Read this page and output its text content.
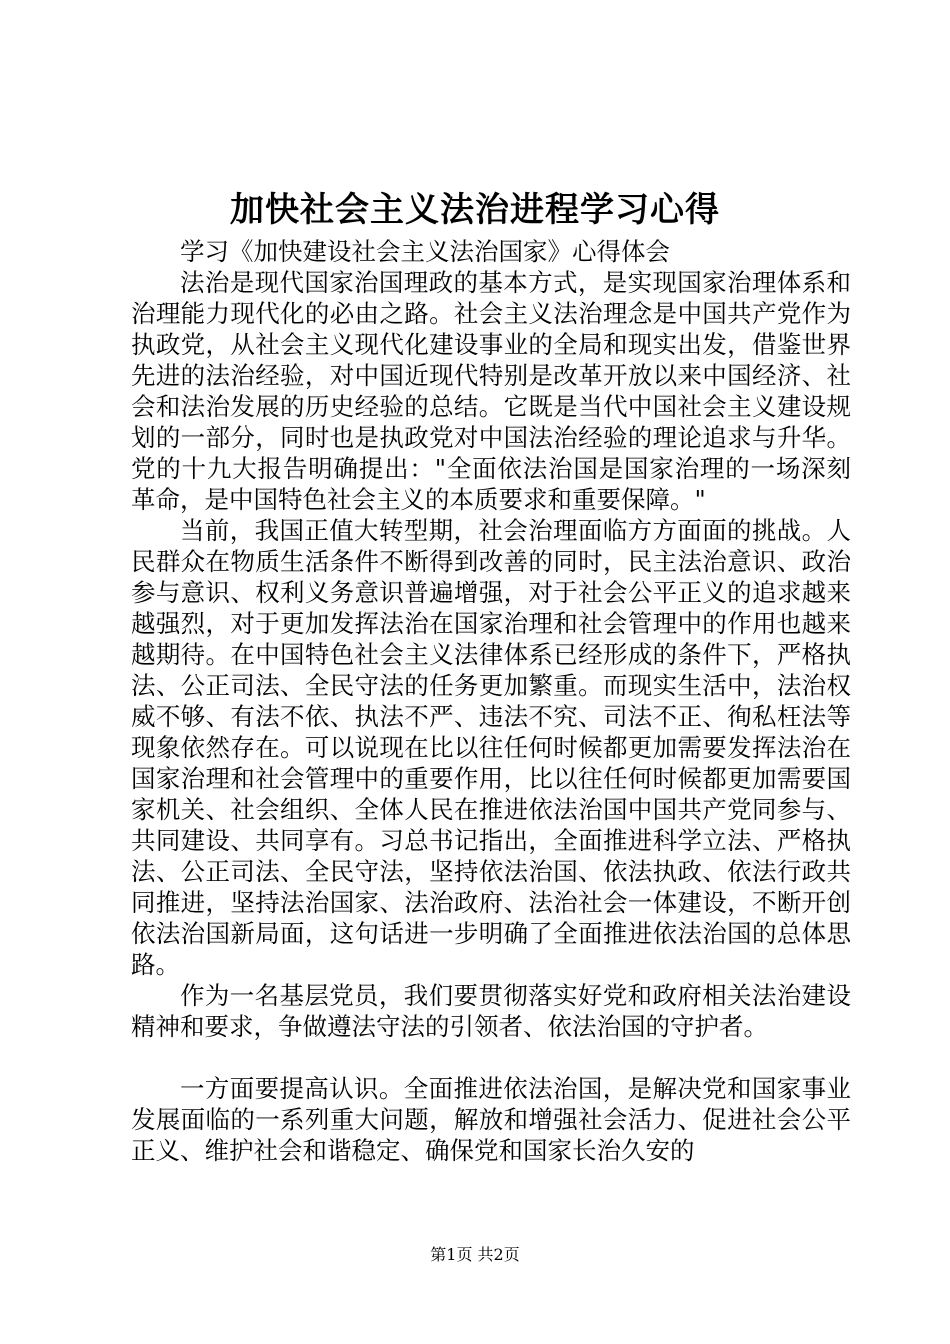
加快社会主义法治进程学习心得

学习《加快建设社会主义法治国家》心得体会

法治是现代国家治国理政的基本方式，是实现国家治理体系和治理能力现代化的必由之路。社会主义法治理念是中国共产党作为执政党，从社会主义现代化建设事业的全局和现实出发，借鉴世界先进的法治经验，对中国近现代特别是改革开放以来中国经济、社会和法治发展的历史经验的总结。它既是当代中国社会主义建设规划的一部分，同时也是执政党对中国法治经验的理论追求与升华。党的十九大报告明确提出："全面依法治国是国家治理的一场深刻革命，是中国特色社会主义的本质要求和重要保障。"

当前，我国正值大转型期，社会治理面临方方面面的挑战。人民群众在物质生活条件不断得到改善的同时，民主法治意识、政治参与意识、权利义务意识普遍增强，对于社会公平正义的追求越来越强烈，对于更加发挥法治在国家治理和社会管理中的作用也越来越期待。在中国特色社会主义法律体系已经形成的条件下，严格执法、公正司法、全民守法的任务更加繁重。而现实生活中，法治权威不够、有法不依、执法不严、违法不究、司法不正、徇私枉法等现象依然存在。可以说现在比以往任何时候都更加需要发挥法治在国家治理和社会管理中的重要作用，比以往任何时候都更加需要国家机关、社会组织、全体人民在推进依法治国中国共产党同参与、共同建设、共同享有。习总书记指出，全面推进科学立法、严格执法、公正司法、全民守法，坚持依法治国、依法执政、依法行政共同推进，坚持法治国家、法治政府、法治社会一体建设，不断开创依法治国新局面，这句话进一步明确了全面推进依法治国的总体思路。

作为一名基层党员，我们要贯彻落实好党和政府相关法治建设精神和要求，争做遵法守法的引领者、依法治国的守护者。

一方面要提高认识。全面推进依法治国，是解决党和国家事业发展面临的一系列重大问题，解放和增强社会活力、促进社会公平正义、维护社会和谐稳定、确保党和国家长治久安的

第1页 共2页
